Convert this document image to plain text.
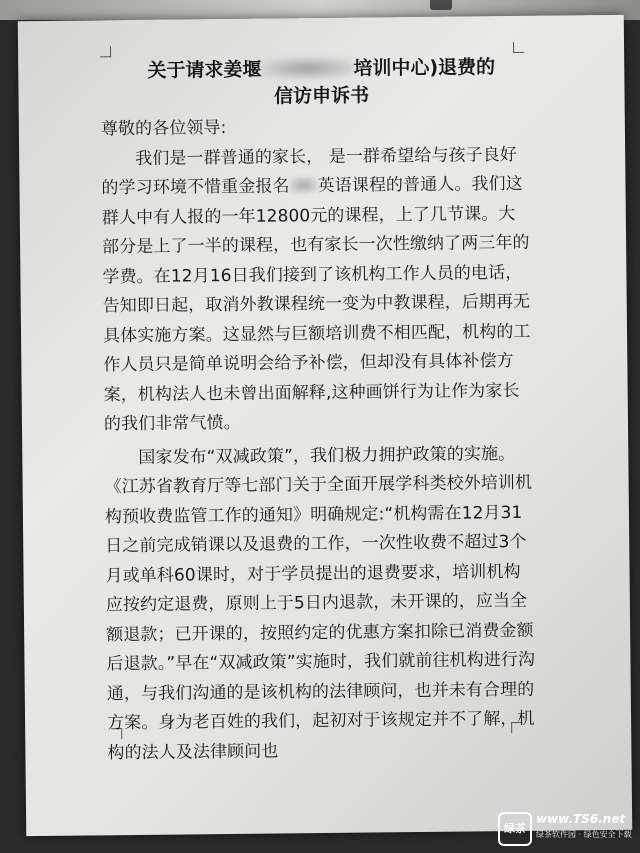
关于请求姜堰	培训中心)退费的
信访申诉书

尊敬的各位领导:

我们是一群普通的家长， 是一群希望给与孩子良好的学习环境不惜重金报名 英语课程的普通人。我们这群人中有人报的一年12800元的课程，上了几节课。大部分是上了一半的课程，也有家长一次性缴纳了两三年的学费。在12月16日我们接到了该机构工作人员的电话，告知即日起，取消外教课程统一变为中教课程，后期再无具体实施方案。这显然与巨额培训费不相匹配，机构的工作人员只是简单说明会给予补偿，但却没有具体补偿方案，机构法人也未曾出面解释,这种画饼行为让作为家长的我们非常气愤。

国家发布“双减政策”，我们极力拥护政策的实施。《江苏省教育厅等七部门关于全面开展学科类校外培训机构预收费监管工作的通知》明确规定:“机构需在12月31日之前完成销课以及退费的工作，一次性收费不超过3个月或单科60课时，对于学员提出的退费要求，培训机构应按约定退费，原则上于5日内退款，未开课的，应当全额退款；已开课的，按照约定的优惠方案扣除已消费金额后退款。”早在“双减政策”实施时，我们就前往机构进行沟通，与我们沟通的是该机构的法律顾问，也并未有合理的方案。身为老百姓的我们，起初对于该规定并不了解，机构的法人及法律顾问也

绿茶
www.TS6.net
绿茶软件园 · 绿色安全下载
